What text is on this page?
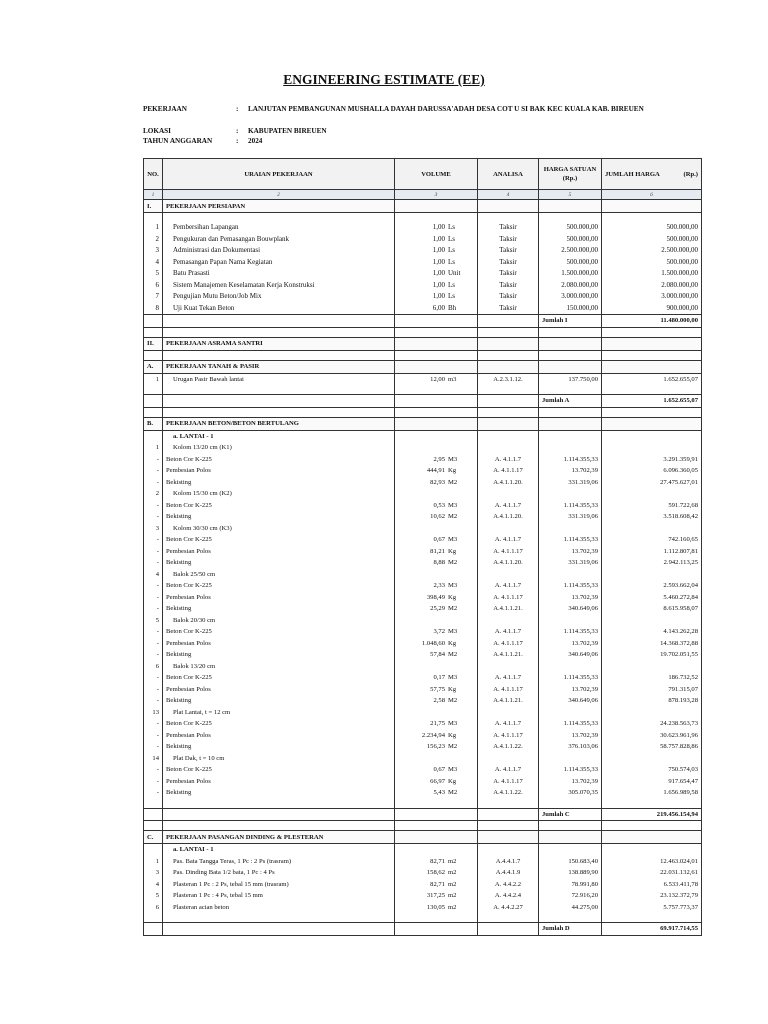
ENGINEERING ESTIMATE (EE)
PEKERJAAN	: LANJUTAN PEMBANGUNAN MUSHALLA DAYAH DARUSSA'ADAH DESA COT U SI BAK KEC KUALA KAB. BIREUEN
LOKASI	: KABUPATEN BIREUEN
TAHUN ANGGARAN	: 2024
NO.	URAIAN PEKERJAAN	VOLUME	ANALISA	HARGA SATUAN (Rp.)	JUMLAH HARGA (Rp.)

1	2	3	4	5	6
I.	PEKERJAAN PERSIAPAN				

1	Pembersihan Lapangan	1,00 Ls	Taksir	500.000,00	500.000,00
2	Pengukuran dan Pemasangan Bouwplank	1,00 Ls	Taksir	500.000,00	500.000,00
3	Administrasi dan Dokumentasi	1,00 Ls	Taksir	2.500.000,00	2.500.000,00
4	Pemasangan Papan Nama Kegiatan	1,00 Ls	Taksir	500.000,00	500.000,00
5	Batu Prasasti	1,00 Unit	Taksir	1.500.000,00	1.500.000,00
6	Sistem Manajemen Keselamatan Kerja Konstruksi	1,00 Ls	Taksir	2.080.000,00	2.080.000,00
7	Pengujian Mutu Beton/Job Mix	1,00 Ls	Taksir	3.000.000,00	3.000.000,00
8	Uji Kuat Tekan Beton	6,00 Bh	Taksir	150.000,00	900.000,00
				Jumlah I	11.480.000,00

II.	PEKERJAAN ASRAMA SANTRI				

A.	PEKERJAAN TANAH & PASIR				
1	Urugan Pasir Bawah lantai	12,00 m3	A.2.3.1.12.	137.750,00	1.652.655,07

				Jumlah A	1.652.655,07

B.	PEKERJAAN BETON/BETON BERTULANG				
	a. LANTAI - 1				
1	Kolom 13/20 cm (K1)				
-	Beton Cor K-225	2,95 M3	A. 4.1.1.7	1.114.355,33	3.291.359,91
-	Pembesian Polos	444,91 Kg	A. 4.1.1.17	13.702,39	6.096.360,05
-	Bekisting	82,93 M2	A.4.1.1.20.	331.319,06	27.475.627,01
2	Kolom 15/30 cm (K2)				
-	Beton Cor K-225	0,53 M3	A. 4.1.1.7	1.114.355,33	591.722,68
-	Bekisting	10,62 M2	A.4.1.1.20.	331.319,06	3.518.608,42
3	Kolom 30/30 cm (K3)				
-	Beton Cor K-225	0,67 M3	A. 4.1.1.7	1.114.355,33	742.160,65
-	Pembesian Polos	81,21 Kg	A. 4.1.1.17	13.702,39	1.112.807,81
-	Bekisting	8,88 M2	A.4.1.1.20.	331.319,06	2.942.113,25
4	Balok 25/50 cm				
-	Beton Cor K-225	2,33 M3	A. 4.1.1.7	1.114.355,33	2.593.662,04
-	Pembesian Polos	398,49 Kg	A. 4.1.1.17	13.702,39	5.460.272,84
-	Bekisting	25,29 M2	A.4.1.1.21.	340.649,06	8.615.958,07
5	Balok 20/30 cm				
-	Beton Cor K-225	3,72 M3	A. 4.1.1.7	1.114.355,33	4.143.262,28
-	Pembesian Polos	1.048,60 Kg	A. 4.1.1.17	13.702,39	14.368.372,88
-	Bekisting	57,84 M2	A.4.1.1.21.	340.649,06	19.702.051,55
6	Balok 13/20 cm				
-	Beton Cor K-225	0,17 M3	A. 4.1.1.7	1.114.355,33	186.732,52
-	Pembesian Polos	57,75 Kg	A. 4.1.1.17	13.702,39	791.315,07
-	Bekisting	2,58 M2	A.4.1.1.21.	340.649,06	878.193,28
13	Plat Lantai, t = 12 cm				
-	Beton Cor K-225	21,75 M3	A. 4.1.1.7	1.114.355,33	24.238.563,73
-	Pembesian Polos	2.234,94 Kg	A. 4.1.1.17	13.702,39	30.623.961,96
-	Bekisting	156,23 M2	A.4.1.1.22.	376.103,06	58.757.828,86
14	Plat Dak, t = 10 cm				
-	Beton Cor K-225	0,67 M3	A. 4.1.1.7	1.114.355,33	750.574,03
-	Pembesian Polos	66,97 Kg	A. 4.1.1.17	13.702,39	917.654,47
-	Bekisting	5,43 M2	A.4.1.1.22.	305.070,35	1.656.989,58

				Jumlah C	219.456.154,94

C.	PEKERJAAN PASANGAN DINDING & PLESTERAN				
	a. LANTAI - 1				
1	Pas. Bata Tangga Teras, 1 Pc : 2 Ps (trasram)	82,71 m2	A.4.4.1.7	150.683,40	12.463.024,01
3	Pas. Dinding Bata 1/2 bata, 1 Pc : 4 Ps	158,62 m2	A.4.4.1.9	138.889,90	22.031.132,61
4	Plasteran 1 Pc : 2 Ps, tebal 15 mm (trasram)	82,71 m2	A. 4.4.2.2	78.991,80	6.533.411,78
5	Plasteran 1 Pc : 4 Ps, tebal 15 mm	317,25 m2	A. 4.4.2.4	72.916,20	23.132.372,79
6	Plasteran acian beton	130,05 m2	A. 4.4.2.27	44.275,00	5.757.773,37

				Jumlah D	69.917.714,55
